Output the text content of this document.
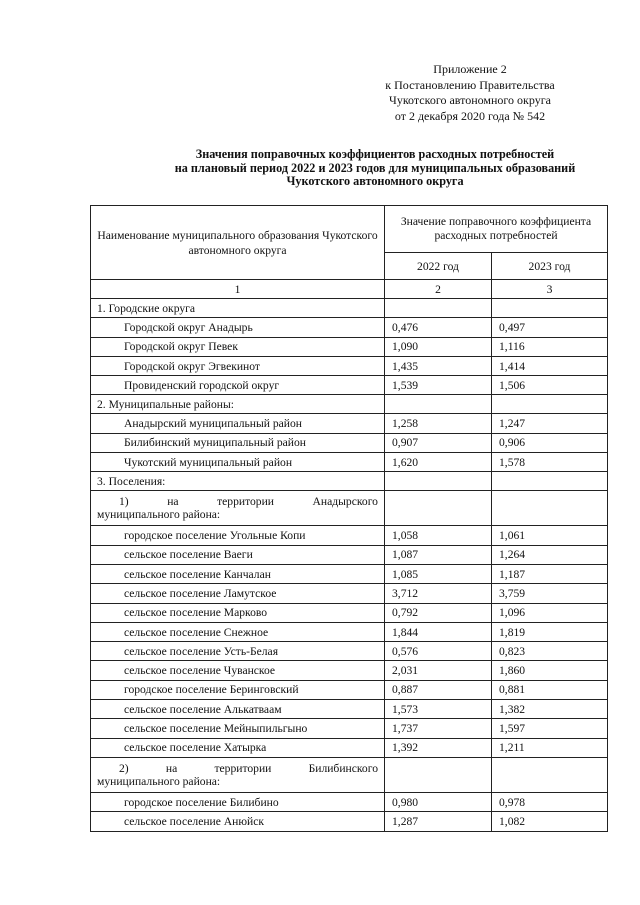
Приложение 2
к Постановлению Правительства
Чукотского автономного округа
от 2 декабря 2020 года № 542
Значения поправочных коэффициентов расходных потребностей
на плановый период 2022 и 2023 годов для муниципальных образований
Чукотского автономного округа
Наименование муниципального образования Чукотского автономного округа	Значение поправочного коэффициента расходных потребностей	
	2022 год	2023 год
1	2	3
1. Городские округа		
Городской округ Анадырь	0,476	0,497
Городской округ Певек	1,090	1,116
Городской округ Эгвекинот	1,435	1,414
Провиденский городской округ	1,539	1,506
2. Муниципальные районы:		
Анадырский муниципальный район	1,258	1,247
Билибинский муниципальный район	0,907	0,906
Чукотский муниципальный район	1,620	1,578
3. Поселения:		

1) на территории Анадырского
муниципального района:		

городское поселение Угольные Копи	1,058	1,061
сельское поселение Ваеги	1,087	1,264
сельское поселение Канчалан	1,085	1,187
сельское поселение Ламутское	3,712	3,759
сельское поселение Марково	0,792	1,096
сельское поселение Снежное	1,844	1,819
сельское поселение Усть-Белая	0,576	0,823
сельское поселение Чуванское	2,031	1,860
городское поселение Беринговский	0,887	0,881
сельское поселение Алькатваам	1,573	1,382
сельское поселение Мейныпильгыно	1,737	1,597
сельское поселение Хатырка	1,392	1,211

2) на территории Билибинского
муниципального района:		

городское поселение Билибино	0,980	0,978
сельское поселение Анюйск	1,287	1,082
